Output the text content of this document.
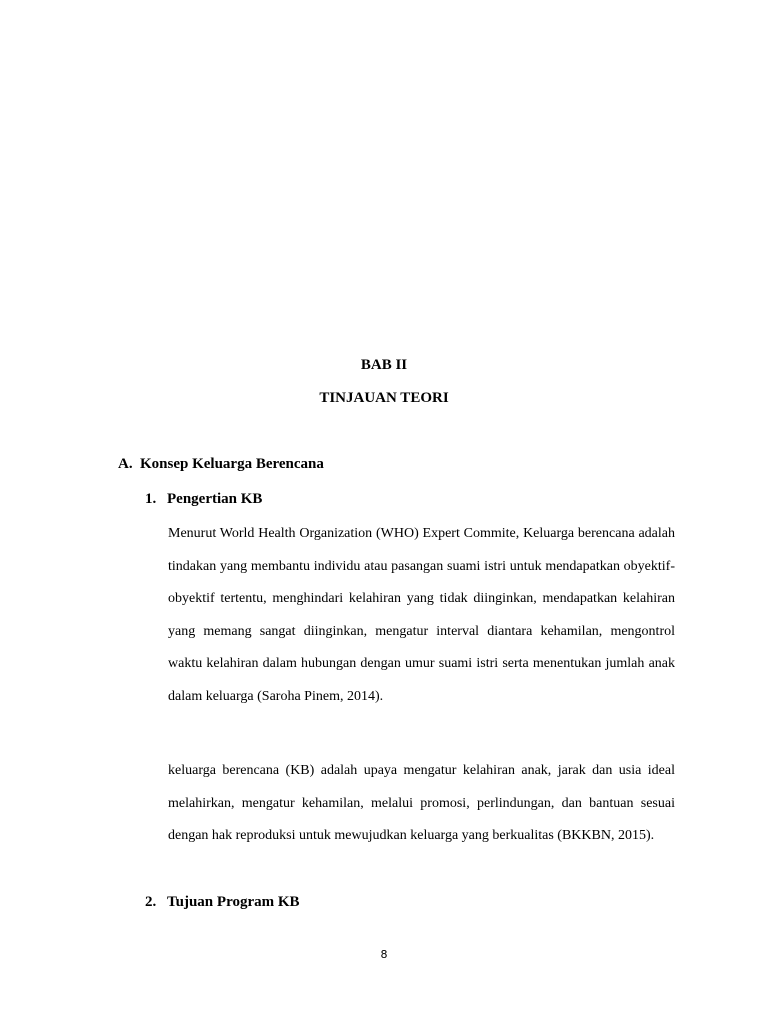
BAB II

TINJAUAN TEORI

A. Konsep Keluarga Berencana

1. Pengertian KB

Menurut World Health Organization (WHO) Expert Commite, Keluarga berencana adalah tindakan yang membantu individu atau pasangan suami istri untuk mendapatkan obyektif-obyektif tertentu, menghindari kelahiran yang tidak diinginkan, mendapatkan kelahiran yang memang sangat diinginkan, mengatur interval diantara kehamilan, mengontrol waktu kelahiran dalam hubungan dengan umur suami istri serta menentukan jumlah anak dalam keluarga (Saroha Pinem, 2014).

keluarga berencana (KB) adalah upaya mengatur kelahiran anak, jarak dan usia ideal melahirkan, mengatur kehamilan, melalui promosi, perlindungan, dan bantuan sesuai dengan hak reproduksi untuk mewujudkan keluarga yang berkualitas (BKKBN, 2015).

2. Tujuan Program KB

8
